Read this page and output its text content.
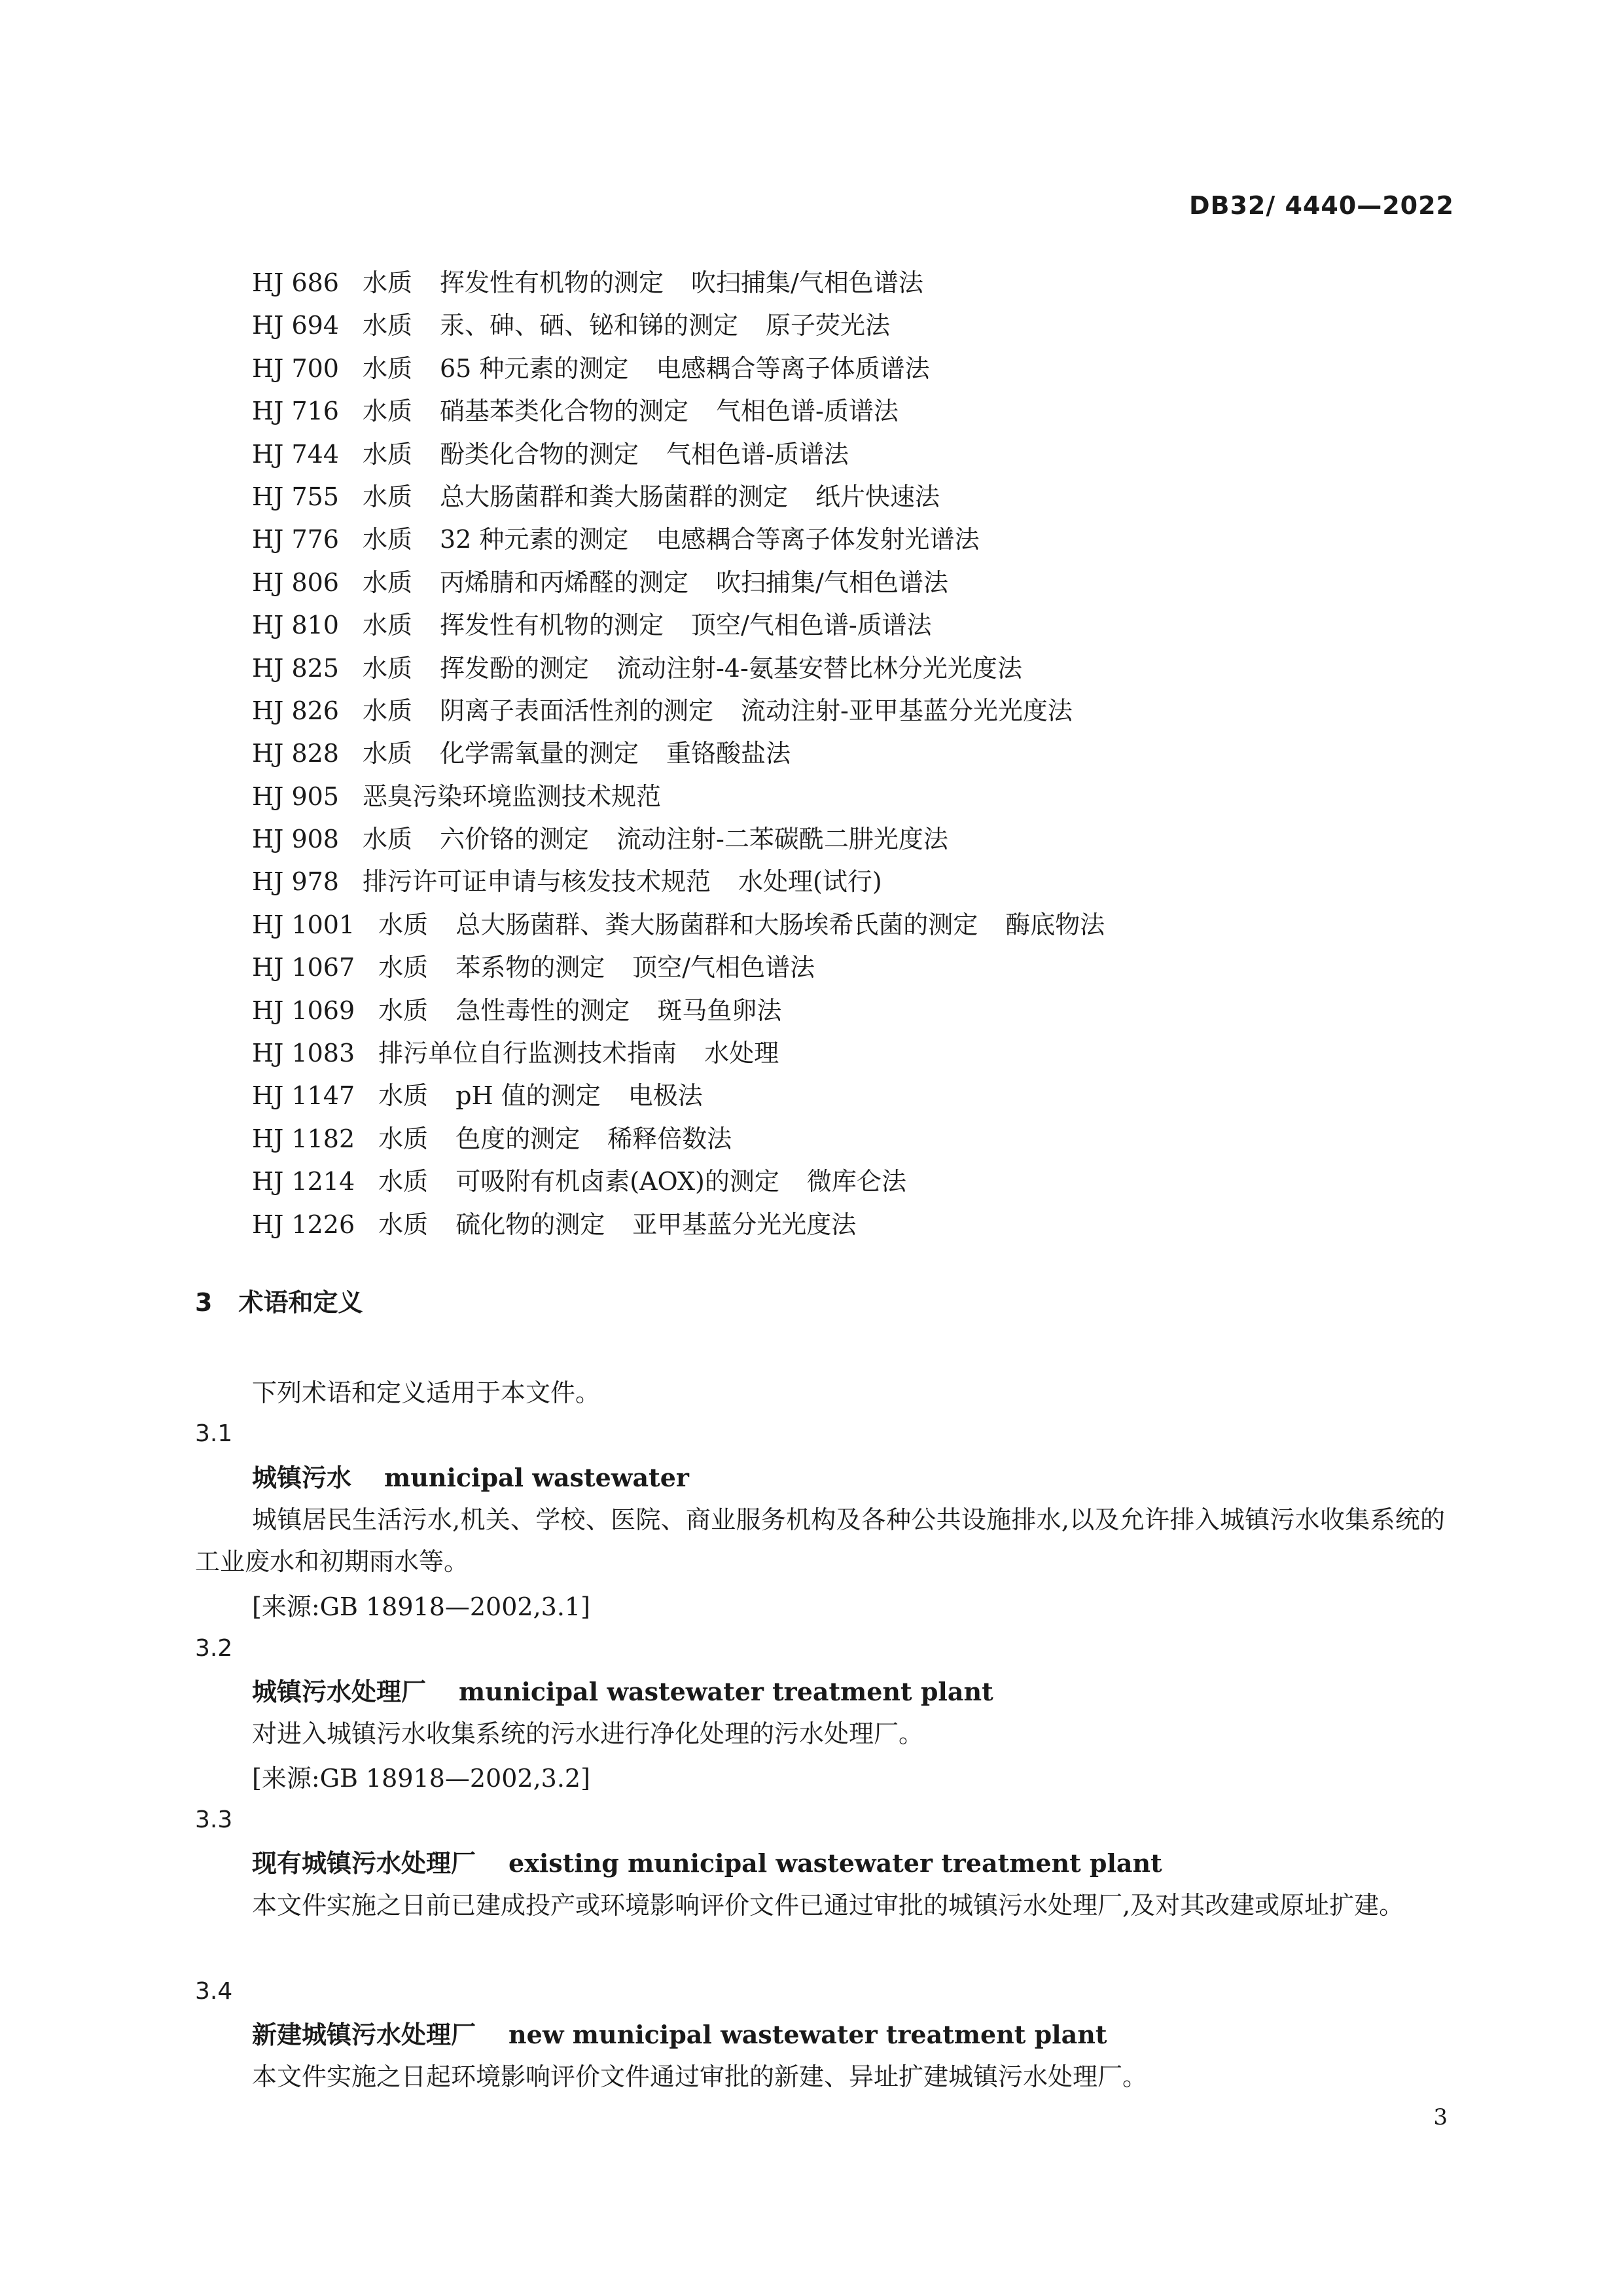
DB32/ 4440—2022
HJ 686 水质 挥发性有机物的测定 吹扫捕集/气相色谱法
HJ 694 水质 汞、砷、硒、铋和锑的测定 原子荧光法
HJ 700 水质 65 种元素的测定 电感耦合等离子体质谱法
HJ 716 水质 硝基苯类化合物的测定 气相色谱-质谱法
HJ 744 水质 酚类化合物的测定 气相色谱-质谱法
HJ 755 水质 总大肠菌群和粪大肠菌群的测定 纸片快速法
HJ 776 水质 32 种元素的测定 电感耦合等离子体发射光谱法
HJ 806 水质 丙烯腈和丙烯醛的测定 吹扫捕集/气相色谱法
HJ 810 水质 挥发性有机物的测定 顶空/气相色谱-质谱法
HJ 825 水质 挥发酚的测定 流动注射-4-氨基安替比林分光光度法
HJ 826 水质 阴离子表面活性剂的测定 流动注射-亚甲基蓝分光光度法
HJ 828 水质 化学需氧量的测定 重铬酸盐法
HJ 905 恶臭污染环境监测技术规范
HJ 908 水质 六价铬的测定 流动注射-二苯碳酰二肼光度法
HJ 978 排污许可证申请与核发技术规范 水处理(试行)
HJ 1001 水质 总大肠菌群、粪大肠菌群和大肠埃希氏菌的测定 酶底物法
HJ 1067 水质 苯系物的测定 顶空/气相色谱法
HJ 1069 水质 急性毒性的测定 斑马鱼卵法
HJ 1083 排污单位自行监测技术指南 水处理
HJ 1147 水质 pH 值的测定 电极法
HJ 1182 水质 色度的测定 稀释倍数法
HJ 1214 水质 可吸附有机卤素(AOX)的测定 微库仑法
HJ 1226 水质 硫化物的测定 亚甲基蓝分光光度法
3 术语和定义
下列术语和定义适用于本文件。
3.1
城镇污水 municipal wastewater
城镇居民生活污水,机关、学校、医院、商业服务机构及各种公共设施排水,以及允许排入城镇污水收集系统的工业废水和初期雨水等。
[来源:GB 18918—2002,3.1]
3.2
城镇污水处理厂 municipal wastewater treatment plant
对进入城镇污水收集系统的污水进行净化处理的污水处理厂。
[来源:GB 18918—2002,3.2]
3.3
现有城镇污水处理厂 existing municipal wastewater treatment plant
本文件实施之日前已建成投产或环境影响评价文件已通过审批的城镇污水处理厂,及对其改建或原址扩建。
3.4
新建城镇污水处理厂 new municipal wastewater treatment plant
本文件实施之日起环境影响评价文件通过审批的新建、异址扩建城镇污水处理厂。
3
